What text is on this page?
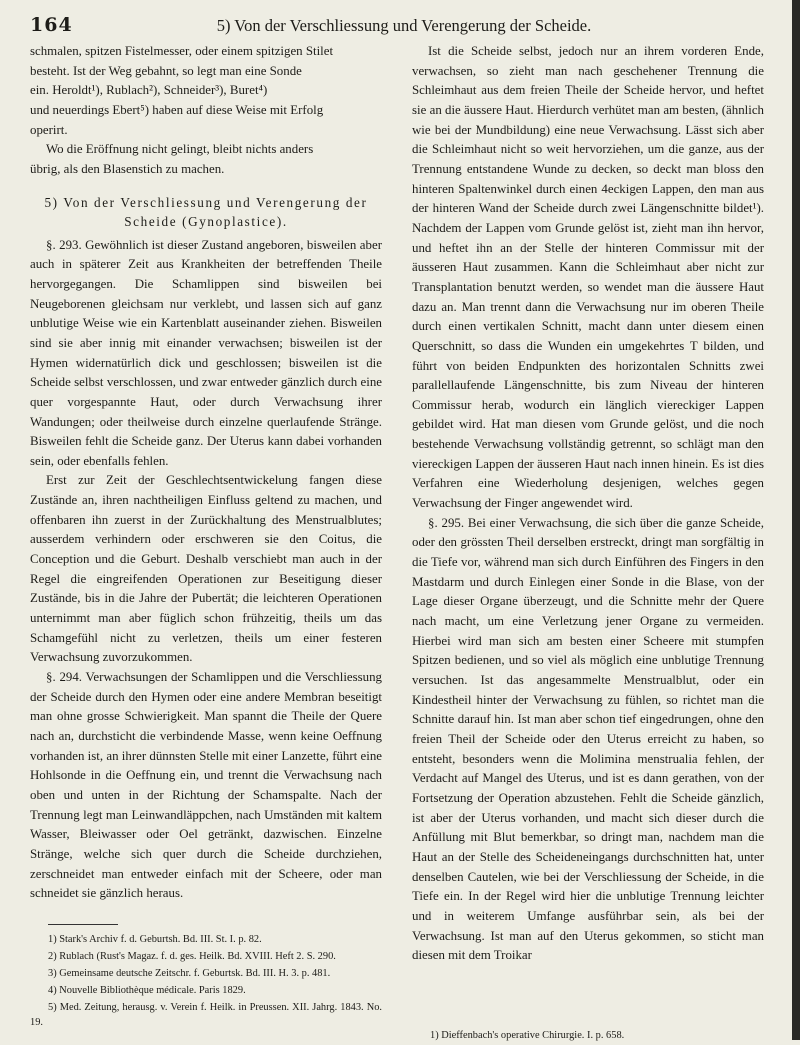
164	5) Von der Verschliessung und Verengerung der Scheide.

schmalen, spitzen Fistelmesser, oder einem spitzigen Stilet

besteht. Ist der Weg gebahnt, so legt man eine Sonde

ein. Heroldt¹), Rublach²), Schneider³), Buret⁴)

und neuerdings Ebert⁵) haben auf diese Weise mit Erfolg

operirt.

Wo die Eröffnung nicht gelingt, bleibt nichts anders

übrig, als den Blasenstich zu machen.

5) Von der Verschliessung und Verengerung der
Scheide (Gynoplastice).

§. 293. Gewöhnlich ist dieser Zustand angeboren, bisweilen aber auch in späterer Zeit aus Krankheiten der betreffenden Theile hervorgegangen. Die Schamlippen sind bisweilen bei Neugeborenen gleichsam nur verklebt, und lassen sich auf ganz unblutige Weise wie ein Kartenblatt auseinander ziehen. Bisweilen sind sie aber innig mit einander verwachsen; bisweilen ist der Hymen widernatürlich dick und geschlossen; bisweilen ist die Scheide selbst verschlossen, und zwar entweder gänzlich durch eine quer vorgespannte Haut, oder durch Verwachsung ihrer Wandungen; oder theilweise durch einzelne querlaufende Stränge. Bisweilen fehlt die Scheide ganz. Der Uterus kann dabei vorhanden sein, oder ebenfalls fehlen.

Erst zur Zeit der Geschlechtsentwickelung fangen diese Zustände an, ihren nachtheiligen Einfluss geltend zu machen, und offenbaren ihn zuerst in der Zurückhaltung des Menstrualblutes; ausserdem verhindern oder erschweren sie den Coitus, die Conception und die Geburt. Deshalb verschiebt man auch in der Regel die eingreifenden Operationen zur Beseitigung dieser Zustände, bis in die Jahre der Pubertät; die leichteren Operationen unternimmt man aber füglich schon frühzeitig, theils um das Schamgefühl nicht zu verletzen, theils um einer festeren Verwachsung zuvorzukommen.

§. 294. Verwachsungen der Schamlippen und die Verschliessung der Scheide durch den Hymen oder eine andere Membran beseitigt man ohne grosse Schwierigkeit. Man spannt die Theile der Quere nach an, durchsticht die verbindende Masse, wenn keine Oeffnung vorhanden ist, an ihrer dünnsten Stelle mit einer Lanzette, führt eine Hohlsonde in die Oeffnung ein, und trennt die Verwachsung nach oben und unten in der Richtung der Schamspalte. Nach der Trennung legt man Leinwandläppchen, nach Umständen mit kaltem Wasser, Bleiwasser oder Oel getränkt, dazwischen. Einzelne Stränge, welche sich quer durch die Scheide durchziehen, zerschneidet man entweder einfach mit der Scheere, oder man schneidet sie gänzlich heraus.

1) Stark's Archiv f. d. Geburtsh. Bd. III. St. I. p. 82.

2) Rublach (Rust's Magaz. f. d. ges. Heilk. Bd. XVIII. Heft 2. S. 290.

3) Gemeinsame deutsche Zeitschr. f. Geburtsk. Bd. III. H. 3. p. 481.

4) Nouvelle Bibliothèque médicale. Paris 1829.

5) Med. Zeitung, herausg. v. Verein f. Heilk. in Preussen. XII. Jahrg. 1843. No. 19.

Ist die Scheide selbst, jedoch nur an ihrem vorderen Ende, verwachsen, so zieht man nach geschehener Trennung die Schleimhaut aus dem freien Theile der Scheide hervor, und heftet sie an die äussere Haut. Hierdurch verhütet man am besten, (ähnlich wie bei der Mundbildung) eine neue Verwachsung. Lässt sich aber die Schleimhaut nicht so weit hervorziehen, um die ganze, aus der Trennung entstandene Wunde zu decken, so deckt man bloss den hinteren Spaltenwinkel durch einen 4eckigen Lappen, den man aus der hinteren Wand der Scheide durch zwei Längenschnitte bildet¹). Nachdem der Lappen vom Grunde gelöst ist, zieht man ihn hervor, und heftet ihn an der Stelle der hinteren Commissur mit der äusseren Haut zusammen. Kann die Schleimhaut aber nicht zur Transplantation benutzt werden, so wendet man die äussere Haut dazu an. Man trennt dann die Verwachsung nur im oberen Theile durch einen vertikalen Schnitt, macht dann unter diesem einen Querschnitt, so dass die Wunden ein umgekehrtes T bilden, und führt von beiden Endpunkten des horizontalen Schnitts zwei parallellaufende Längenschnitte, bis zum Niveau der hinteren Commissur herab, wodurch ein länglich viereckiger Lappen gebildet wird. Hat man diesen vom Grunde gelöst, und die noch bestehende Verwachsung vollständig getrennt, so schlägt man den viereckigen Lappen der äusseren Haut nach innen hinein. Es ist dies Verfahren eine Wiederholung desjenigen, welches gegen Verwachsung der Finger angewendet wird.

§. 295. Bei einer Verwachsung, die sich über die ganze Scheide, oder den grössten Theil derselben erstreckt, dringt man sorgfältig in die Tiefe vor, während man sich durch Einführen des Fingers in den Mastdarm und durch Einlegen einer Sonde in die Blase, von der Lage dieser Organe überzeugt, und die Schnitte mehr der Quere nach macht, um eine Verletzung jener Organe zu vermeiden. Hierbei wird man sich am besten einer Scheere mit stumpfen Spitzen bedienen, und so viel als möglich eine unblutige Trennung versuchen. Ist das angesammelte Menstrualblut, oder ein Kindestheil hinter der Verwachsung zu fühlen, so richtet man die Schnitte darauf hin. Ist man aber schon tief eingedrungen, ohne den freien Theil der Scheide oder den Uterus erreicht zu haben, so entsteht, besonders wenn die Molimina menstrualia fehlen, der Verdacht auf Mangel des Uterus, und ist es dann gerathen, von der Fortsetzung der Operation abzustehen. Fehlt die Scheide gänzlich, ist aber der Uterus vorhanden, und macht sich dieser durch die Anfüllung mit Blut bemerkbar, so dringt man, nachdem man die Haut an der Stelle des Scheideneingangs durchschnitten hat, unter denselben Cautelen, wie bei der Verschliessung der Scheide, in die Tiefe ein. In der Regel wird hier die unblutige Trennung leichter und in weiterem Umfange ausführbar sein, als bei der Verwachsung. Ist man auf den Uterus gekommen, so sticht man diesen mit dem Troikar

1) Dieffenbach's operative Chirurgie. I. p. 658.
